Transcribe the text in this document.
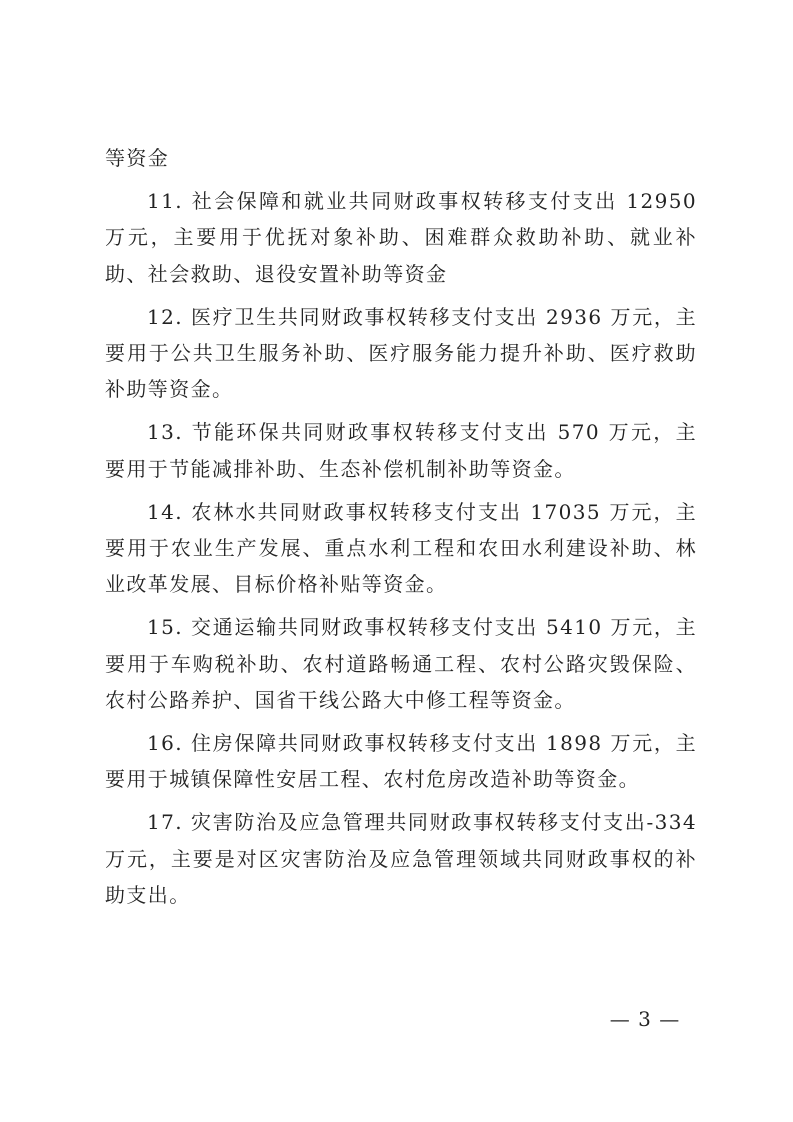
等资金

11. 社会保障和就业共同财政事权转移支付支出 12950 万元，主要用于优抚对象补助、困难群众救助补助、就业补助、社会救助、退役安置补助等资金

12. 医疗卫生共同财政事权转移支付支出 2936 万元，主要用于公共卫生服务补助、医疗服务能力提升补助、医疗救助补助等资金。

13. 节能环保共同财政事权转移支付支出 570 万元，主要用于节能减排补助、生态补偿机制补助等资金。

14. 农林水共同财政事权转移支付支出 17035 万元，主要用于农业生产发展、重点水利工程和农田水利建设补助、林业改革发展、目标价格补贴等资金。

15. 交通运输共同财政事权转移支付支出 5410 万元，主要用于车购税补助、农村道路畅通工程、农村公路灾毁保险、农村公路养护、国省干线公路大中修工程等资金。

16. 住房保障共同财政事权转移支付支出 1898 万元，主要用于城镇保障性安居工程、农村危房改造补助等资金。

17. 灾害防治及应急管理共同财政事权转移支付支出-334 万元，主要是对区灾害防治及应急管理领域共同财政事权的补助支出。

— 3 —
